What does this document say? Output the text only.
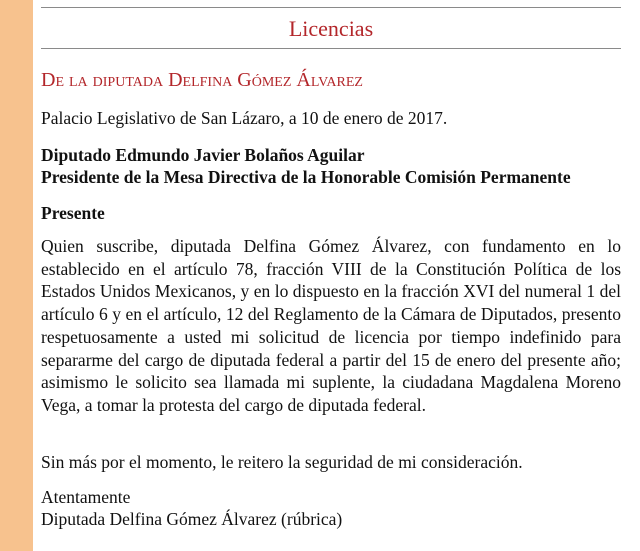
Licencias
De la diputada Delfina Gómez Álvarez
Palacio Legislativo de San Lázaro, a 10 de enero de 2017.
Diputado Edmundo Javier Bolaños Aguilar
Presidente de la Mesa Directiva de la Honorable Comisión Permanente
Presente
Quien suscribe, diputada Delfina Gómez Álvarez, con fundamento en lo establecido en el artículo 78, fracción VIII de la Constitución Política de los Estados Unidos Mexicanos, y en lo dispuesto en la fracción XVI del numeral 1 del artículo 6 y en el artículo, 12 del Reglamento de la Cámara de Diputados, presento respetuosamente a usted mi solicitud de licencia por tiempo indefinido para separarme del cargo de diputada federal a partir del 15 de enero del presente año; asimismo le solicito sea llamada mi suplente, la ciudadana Magdalena Moreno Vega, a tomar la protesta del cargo de diputada federal.
Sin más por el momento, le reitero la seguridad de mi consideración.
Atentamente
Diputada Delfina Gómez Álvarez (rúbrica)
